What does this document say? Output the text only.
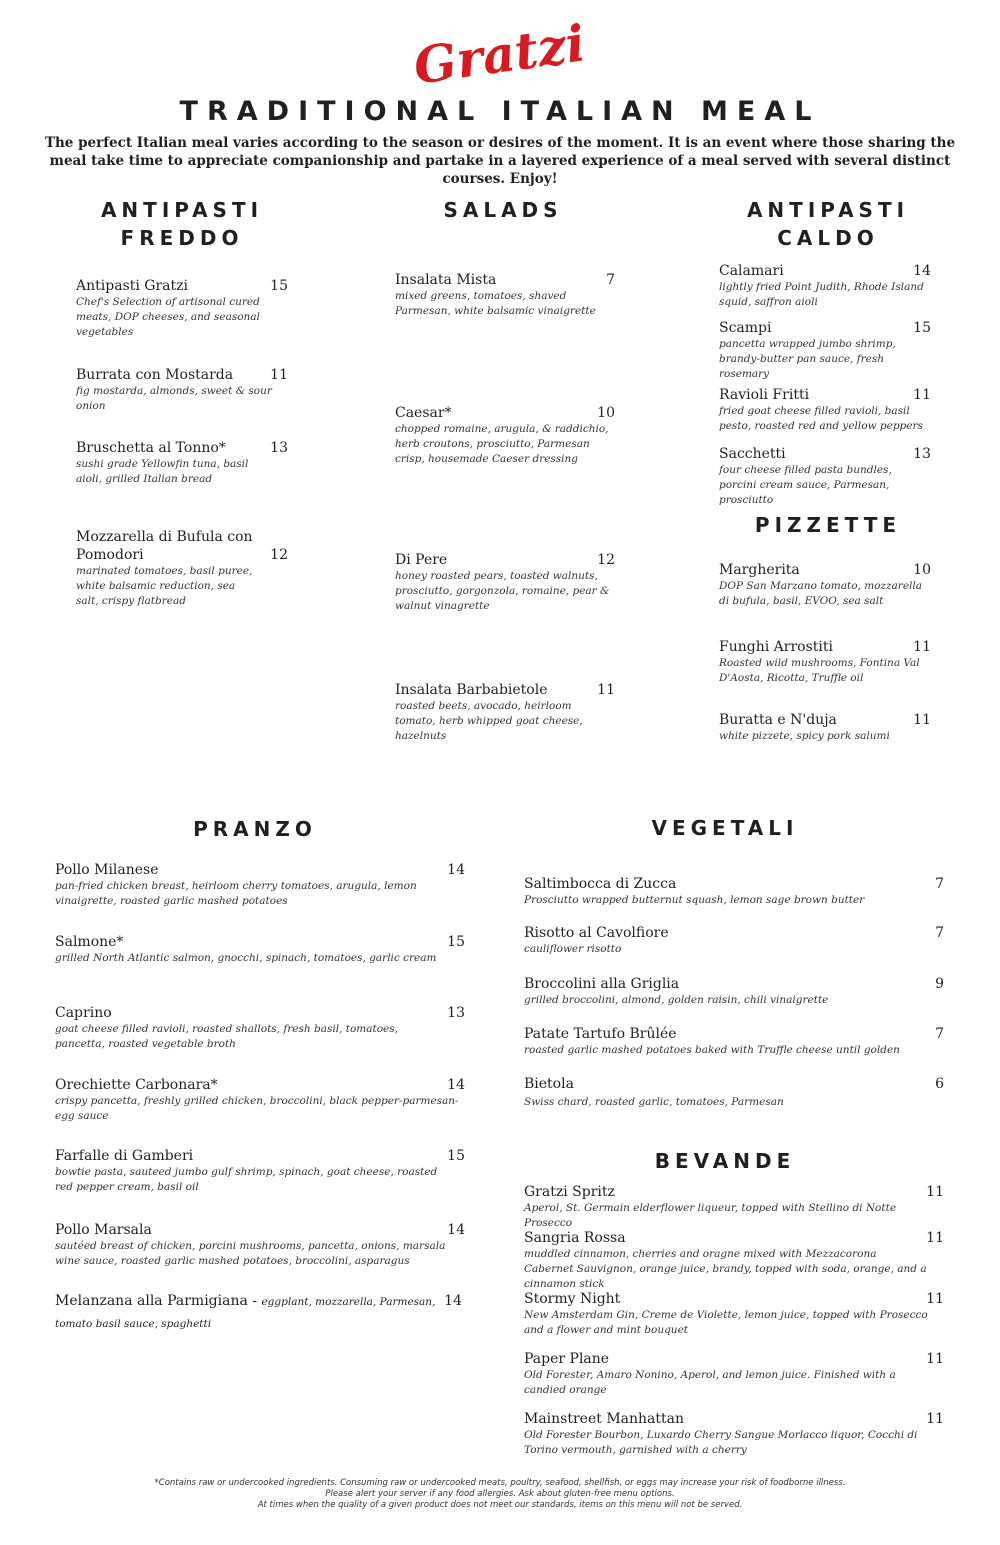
Gratzi
TRADITIONAL ITALIAN MEAL

The perfect Italian meal varies according to the season or desires of the moment. It is an event where those sharing the meal take time to appreciate companionship and partake in a layered experience of a meal served with several distinct courses. Enjoy!

ANTIPASTI
FREDDO
SALADS	ANTIPASTI
CALDO
PIZZETTE
PRANZO	VEGETALI
BEVANDE
Antipasti Gratzi	15
Chef's Selection of artisonal cured meats, DOP cheeses, and seasonal vegetables
Burrata con Mostarda	11
fig mostarda, almonds, sweet & sour onion
Bruschetta al Tonno*	13
sushi grade Yellowfin tuna, basil aioli, grilled Italian bread
Mozzarella di Bufula con Pomodori	12
marinated tomatoes, basil puree, white balsamic reduction, sea salt, crispy flatbread
Insalata Mista	7
mixed greens, tomatoes, shaved Parmesan, white balsamic vinaigrette
Caesar*	10
chopped romaine, arugula, & raddichio, herb croutons, prosciutto, Parmesan crisp, housemade Caeser dressing
Di Pere	12
honey roasted pears, toasted walnuts, prosciutto, gorgonzola, romaine, pear & walnut vinagrette
Insalata Barbabietole	11
roasted beets, avocado, heirloom tomato, herb whipped goat cheese, hazelnuts
Calamari	14
lightly fried Point Judith, Rhode Island squid, saffron aioli
Scampi	15
pancetta wrapped jumbo shrimp, brandy-butter pan sauce, fresh rosemary
Ravioli Fritti	11
fried goat cheese filled ravioli, basil pesto, roasted red and yellow peppers
Sacchetti	13
four cheese filled pasta bundles, porcini cream sauce, Parmesan, prosciutto
Margherita	10
DOP San Marzano tomato, mozzarella di bufula, basil, EVOO, sea salt
Funghi Arrostiti	11
Roasted wild mushrooms, Fontina Val D'Aosta, Ricotta, Truffle oil
Buratta e N'duja	11
white pizzete, spicy pork salumi
Pollo Milanese	14
pan-fried chicken breast, heirloom cherry tomatoes, arugula, lemon vinaigrette, roasted garlic mashed potatoes
Salmone*	15
grilled North Atlantic salmon, gnocchi, spinach, tomatoes, garlic cream
Caprino	13
goat cheese filled ravioli, roasted shallots, fresh basil, tomatoes, pancetta, roasted vegetable broth
Orechiette Carbonara*	14
crispy pancetta, freshly grilled chicken, broccolini, black pepper-parmesan-egg sauce
Farfalle di Gamberi	15
bowtie pasta, sauteed jumbo gulf shrimp, spinach, goat cheese, roasted red pepper cream, basil oil
Pollo Marsala	14
sautéed breast of chicken, porcini mushrooms, pancetta, onions, marsala wine sauce, roasted garlic mashed potatoes, broccolini, asparagus
Melanzana alla Parmigiana - eggplant, mozzarella, Parmesan, 14
tomato basil sauce, spaghetti
Saltimbocca di Zucca	7
Prosciutto wrapped butternut squash, lemon sage brown butter
Risotto al Cavolfiore	7
cauliflower risotto
Broccolini alla Griglia	9
grilled broccolini, almond, golden raisin, chili vinaigrette
Patate Tartufo Brûlée	7
roasted garlic mashed potatoes baked with Truffle cheese until golden
Bietola	6
Swiss chard, roasted garlic, tomatoes, Parmesan
Gratzi Spritz	11
Aperol, St. Germain elderflower liqueur, topped with Stellino di Notte Prosecco
Sangria Rossa	11
muddled cinnamon, cherries and oragne mixed with Mezzacorona Cabernet Sauvignon, orange juice, brandy, topped with soda, orange, and a cinnamon stick
Stormy Night	11
New Amsterdam Gin, Creme de Violette, lemon juice, topped with Prosecco and a flower and mint bouquet
Paper Plane	11
Old Forester, Amaro Nonino, Aperol, and lemon juice. Finished with a candied orange
Mainstreet Manhattan	11
Old Forester Bourbon, Luxardo Cherry Sangue Morlacco liquor, Cocchi di Torino vermouth, garnished with a cherry
*Contains raw or undercooked ingredients. Consuming raw or undercooked meats, poultry, seafood, shellfish, or eggs may increase your risk of foodborne illness.
Please alert your server if any food allergies. Ask about gluten-free menu options.
At times when the quality of a given product does not meet our standards, items on this menu will not be served.
